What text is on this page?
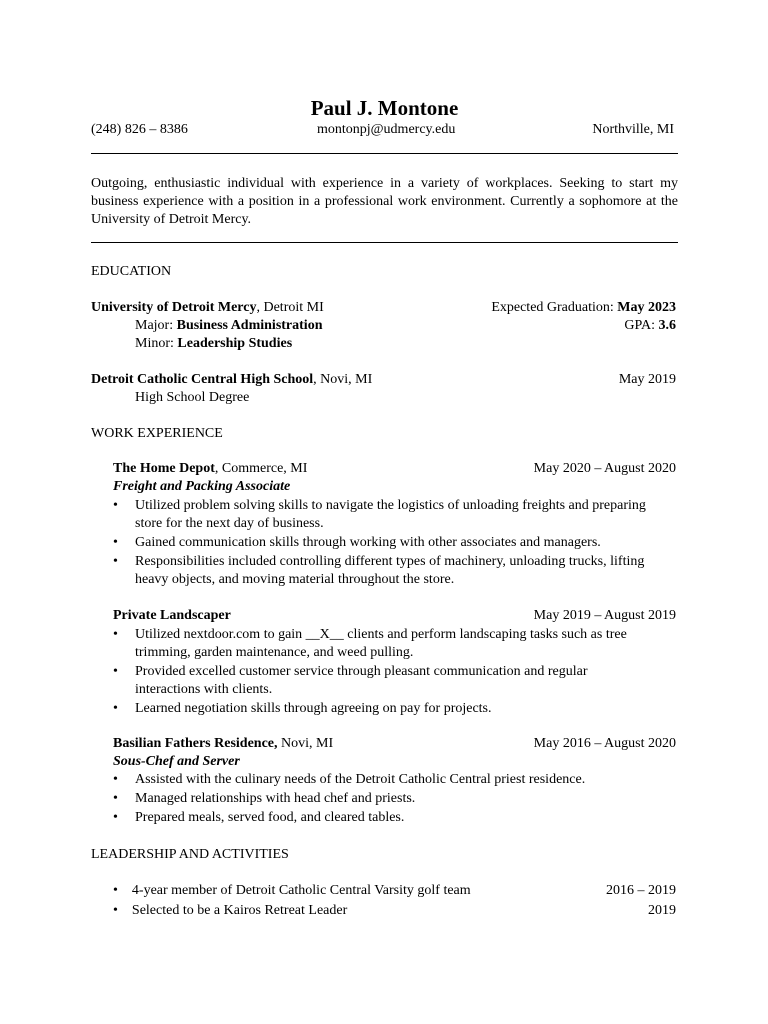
Paul J. Montone
(248) 826 – 8386	montonpj@udmercy.edu	Northville, MI
Outgoing, enthusiastic individual with experience in a variety of workplaces. Seeking to start my business experience with a position in a professional work environment. Currently a sophomore at the University of Detroit Mercy.
EDUCATION
University of Detroit Mercy, Detroit MI	Expected Graduation: May 2023
Major: Business Administration	GPA: 3.6
Minor: Leadership Studies
Detroit Catholic Central High School, Novi, MI	May 2019
High School Degree
WORK EXPERIENCE
The Home Depot, Commerce, MI	May 2020 – August 2020
Freight and Packing Associate
• Utilized problem solving skills to navigate the logistics of unloading freights and preparing store for the next day of business.
• Gained communication skills through working with other associates and managers.
• Responsibilities included controlling different types of machinery, unloading trucks, lifting heavy objects, and moving material throughout the store.
Private Landscaper	May 2019 – August 2019
• Utilized nextdoor.com to gain __X__ clients and perform landscaping tasks such as tree trimming, garden maintenance, and weed pulling.
• Provided excelled customer service through pleasant communication and regular interactions with clients.
• Learned negotiation skills through agreeing on pay for projects.
Basilian Fathers Residence, Novi, MI	May 2016 – August 2020
Sous-Chef and Server
• Assisted with the culinary needs of the Detroit Catholic Central priest residence.
• Managed relationships with head chef and priests.
• Prepared meals, served food, and cleared tables.
LEADERSHIP AND ACTIVITIES
• 4-year member of Detroit Catholic Central Varsity golf team	2016 – 2019
• Selected to be a Kairos Retreat Leader	2019
